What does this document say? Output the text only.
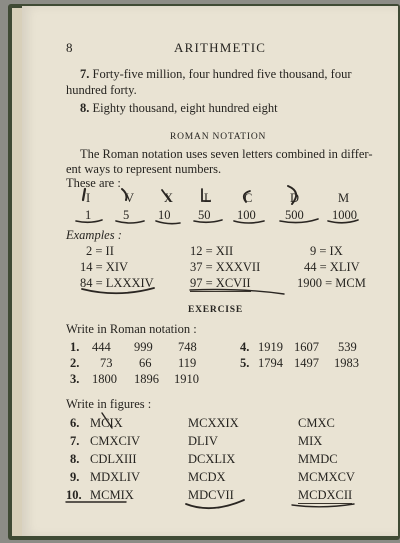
8	ARITHMETIC
7. Forty-five million, four hundred five thousand, four
hundred forty.
8. Eighty thousand, eight hundred eight
ROMAN NOTATION
The Roman notation uses seven letters combined in differ-
ent ways to represent numbers.
These are :
I	V X L	C	D	M
1	5 10 50 100 500 1000
Examples :
2 = II	12 = XII	9 = IX
14 = XIV	37 = XXXVII	44 = XLIV
84 = LXXXIV	97 = XCVII	1900 = MCM
EXERCISE
Write in Roman notation :
1. 444 999 748
2. 73 66 119
3. 1800 1896 1910
4. 1919 1607 539
5. 1794 1497 1983
Write in figures :
6. MCIX	MCXXIX	CMXC
7. CMXCIV	DLIV	MIX
8. CDLXIII	DCXLIX	MMDC
9. MDXLIV	MCDX	MCMXCV
10. MCMIX	MDCVII	MCDXCII
